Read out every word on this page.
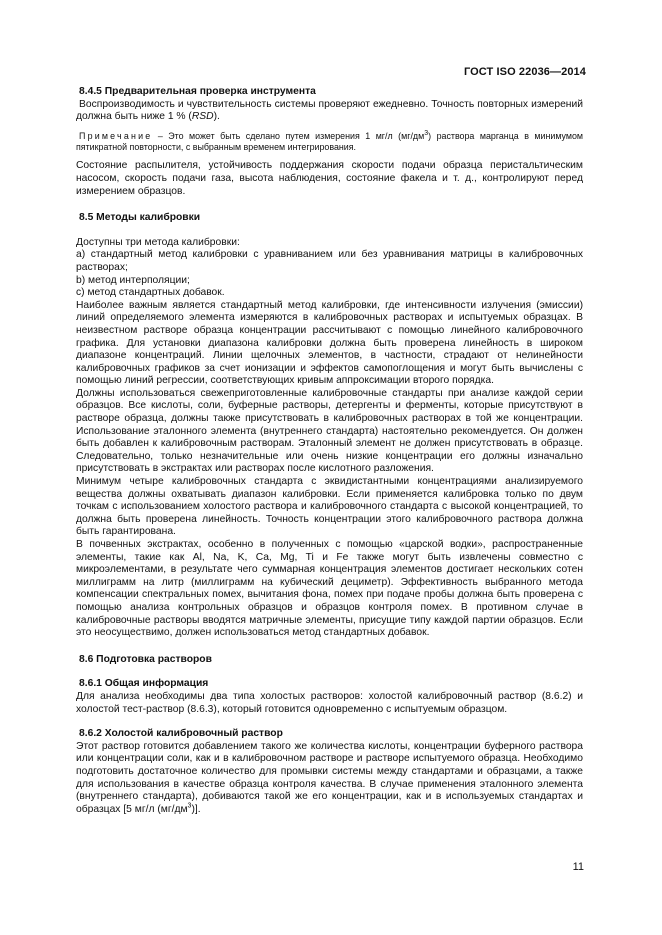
ГОСТ ISO 22036—2014

8.4.5 Предварительная проверка инструмента

Воспроизводимость и чувствительность системы проверяют ежедневно. Точность повторных измерений должна быть ниже 1 % (RSD).

Примечание – Это может быть сделано путем измерения 1 мг/л $(мг/дм^3)$ раствора марганца в минимумом пятикратной повторности, с выбранным временем интегрирования.

Состояние распылителя, устойчивость поддержания скорости подачи образца перистальтическим насосом, скорость подачи газа, высота наблюдения, состояние факела и т. д., контролируют перед измерением образцов.

8.5 Методы калибровки

Доступны три метода калибровки:

а) стандартный метод калибровки с уравниванием или без уравнивания матрицы в калибровочных растворах;

b) метод интерполяции;

с) метод стандартных добавок.

Наиболее важным является стандартный метод калибровки, где интенсивности излучения (эмиссии) линий определяемого элемента измеряются в калибровочных растворах и испытуемых образцах. В неизвестном растворе образца концентрации рассчитывают с помощью линейного калибровочного графика. Для установки диапазона калибровки должна быть проверена линейность в широком диапазоне концентраций. Линии щелочных элементов, в частности, страдают от нелинейности калибровочных графиков за счет ионизации и эффектов самопоглощения и могут быть вычислены с помощью линий регрессии, соответствующих кривым аппроксимации второго порядка.

Должны использоваться свежеприготовленные калибровочные стандарты при анализе каждой серии образцов. Все кислоты, соли, буферные растворы, детергенты и ферменты, которые присутствуют в растворе образца, должны также присутствовать в калибровочных растворах в той же концентрации. Использование эталонного элемента (внутреннего стандарта) настоятельно рекомендуется. Он должен быть добавлен к калибровочным растворам. Эталонный элемент не должен присутствовать в образце. Следовательно, только незначительные или очень низкие концентрации его должны изначально присутствовать в экстрактах или растворах после кислотного разложения.

Минимум четыре калибровочных стандарта с эквидистантными концентрациями анализируемого вещества должны охватывать диапазон калибровки. Если применяется калибровка только по двум точкам с использованием холостого раствора и калибровочного стандарта с высокой концентрацией, то должна быть проверена линейность. Точность концентрации этого калибровочного раствора должна быть гарантирована.

В почвенных экстрактах, особенно в полученных с помощью «царской водки», распространенные элементы, такие как Al, Na, K, Ca, Mg, Ti и Fe также могут быть извлечены совместно с микроэлементами, в результате чего суммарная концентрация элементов достигает нескольких сотен миллиграмм на литр (миллиграмм на кубический дециметр). Эффективность выбранного метода компенсации спектральных помех, вычитания фона, помех при подаче пробы должна быть проверена с помощью анализа контрольных образцов и образцов контроля помех. В противном случае в калибровочные растворы вводятся матричные элементы, присущие типу каждой партии образцов. Если это неосуществимо, должен использоваться метод стандартных добавок.

8.6 Подготовка растворов

8.6.1 Общая информация

Для анализа необходимы два типа холостых растворов: холостой калибровочный раствор (8.6.2) и холостой тест-раствор (8.6.3), который готовится одновременно с испытуемым образцом.

8.6.2 Холостой калибровочный раствор

Этот раствор готовится добавлением такого же количества кислоты, концентрации буферного раствора или концентрации соли, как и в калибровочном растворе и растворе испытуемого образца. Необходимо подготовить достаточное количество для промывки системы между стандартами и образцами, а также для использования в качестве образца контроля качества. В случае применения эталонного элемента (внутреннего стандарта), добиваются такой же его концентрации, как и в используемых стандартах и образцах [5 мг/л $(мг/дм^3)$].

11
